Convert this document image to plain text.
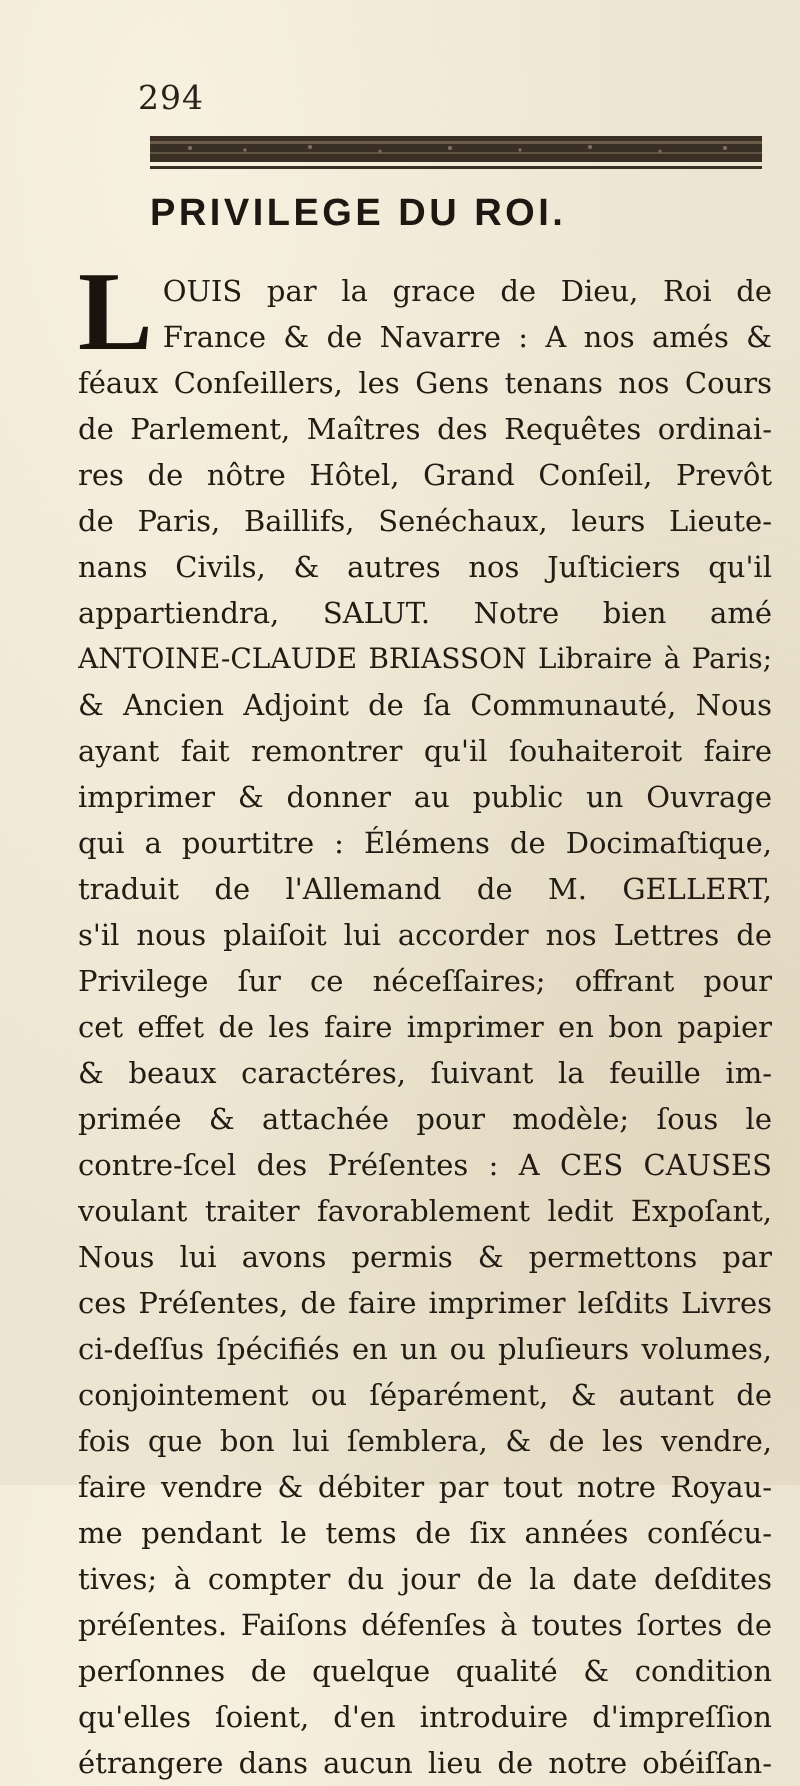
294
PRIVILEGE DU ROI.
L OUIS par la grace de Dieu, Roi de
France & de Navarre : A nos amés &
féaux Conſeillers, les Gens tenans nos Cours
de Parlement, Maîtres des Requêtes ordinai-
res de nôtre Hôtel, Grand Conſeil, Prevôt
de Paris, Baillifs, Senéchaux, leurs Lieute-
nans Civils, & autres nos Juſticiers qu'il
appartiendra, SALUT. Notre bien amé
ANTOINE-CLAUDE BRIASSON Libraire à Paris;
& Ancien Adjoint de ſa Communauté, Nous
ayant fait remontrer qu'il ſouhaiteroit faire
imprimer & donner au public un Ouvrage
qui a pourtitre : Élémens de Docimaſtique,
traduit de l'Allemand de M. GELLERT,
s'il nous plaiſoit lui accorder nos Lettres de
Privilege ſur ce néceſſaires; offrant pour
cet effet de les faire imprimer en bon papier
& beaux caractéres, ſuivant la feuille im-
primée & attachée pour modèle; ſous le
contre-ſcel des Préſentes : A CES CAUSES
voulant traiter favorablement ledit Expoſant,
Nous lui avons permis & permettons par
ces Préſentes, de faire imprimer leſdits Livres
ci-deſſus ſpécifiés en un ou pluſieurs volumes,
conjointement ou ſéparément, & autant de
fois que bon lui ſemblera, & de les vendre,
faire vendre & débiter par tout notre Royau-
me pendant le tems de ſix années conſécu-
tives; à compter du jour de la date deſdites
préſentes. Faiſons défenſes à toutes ſortes de
perſonnes de quelque qualité & condition
qu'elles ſoient, d'en introduire d'impreſſion
étrangere dans aucun lieu de notre obéiſſan-
